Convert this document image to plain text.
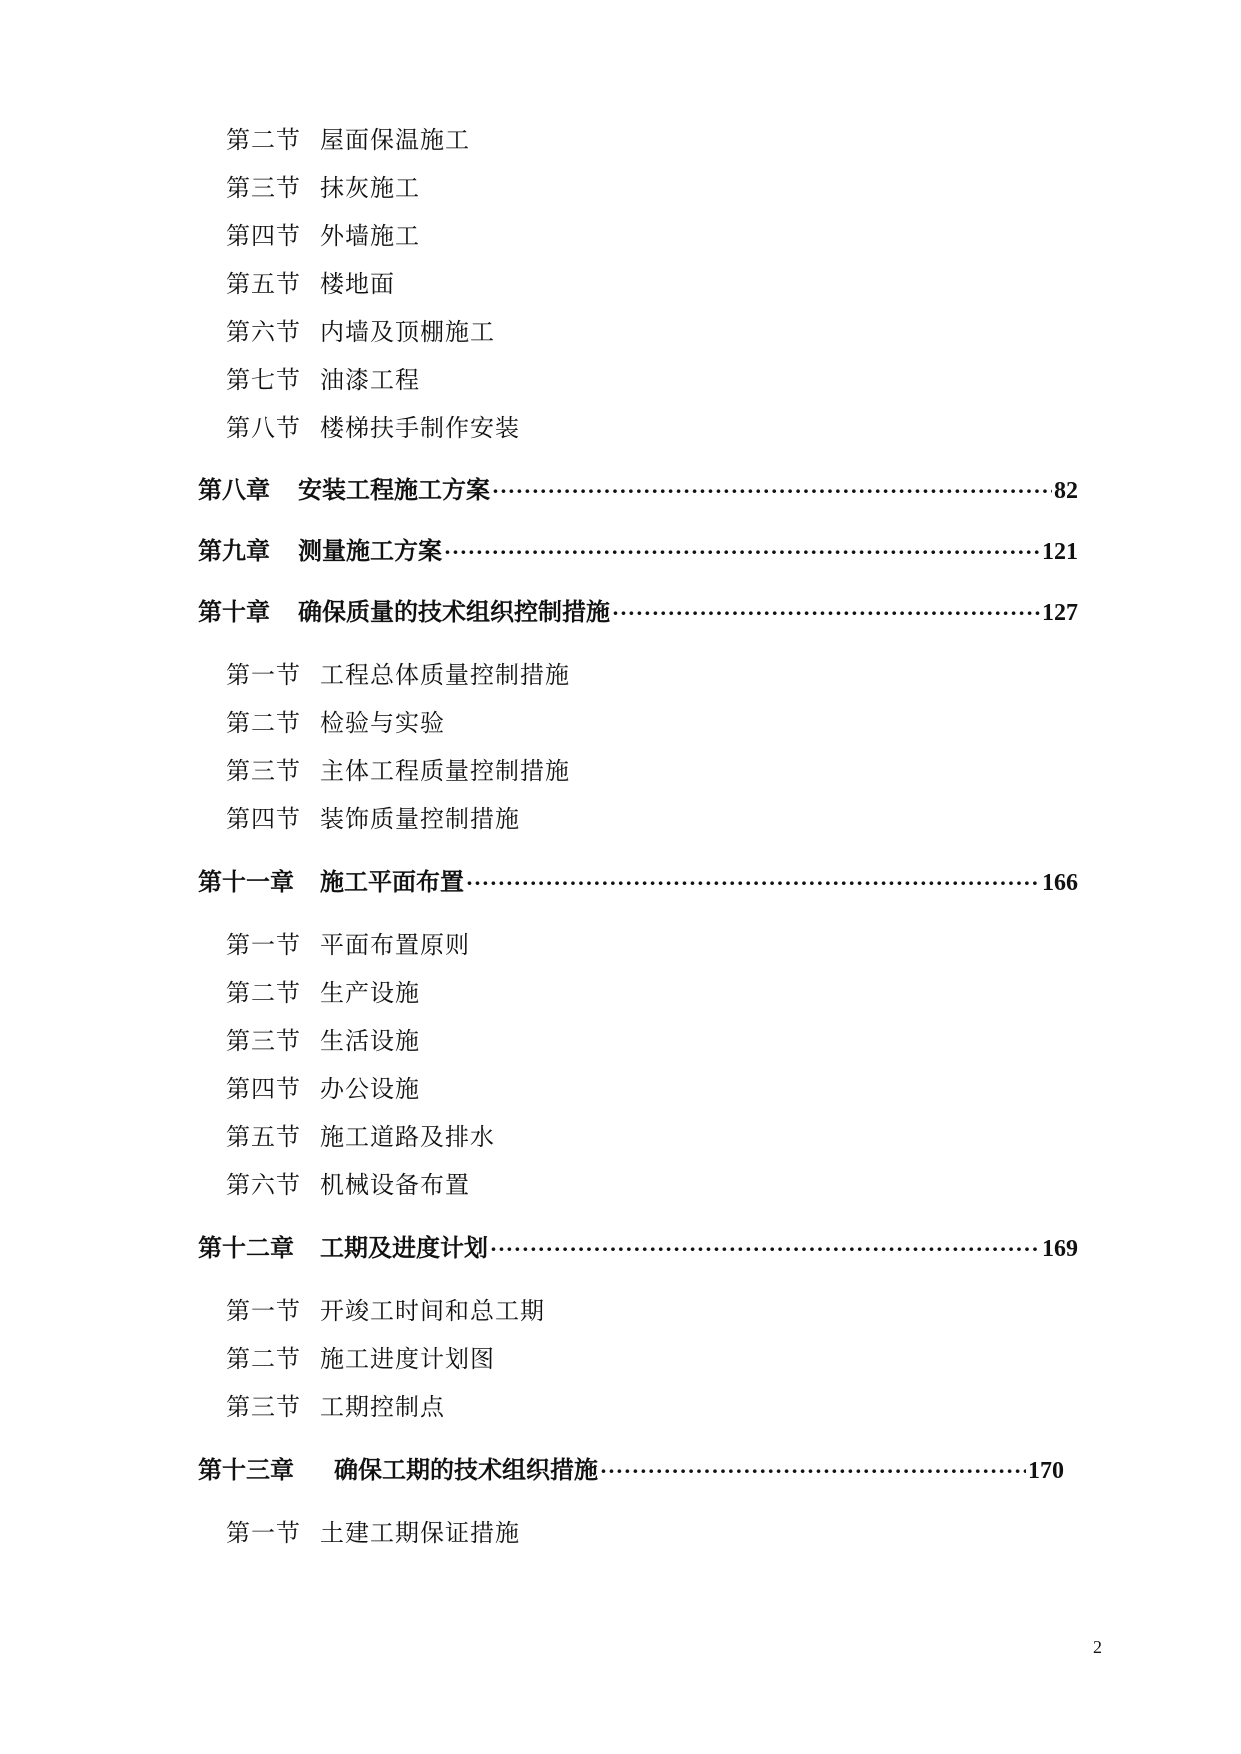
第二节 屋面保温施工
第三节 抹灰施工
第四节 外墙施工
第五节 楼地面
第六节 内墙及顶棚施工
第七节 油漆工程
第八节 楼梯扶手制作安装
第八章	安装工程施工方案 ·····	82
第九章	测量施工方案 ·····	121
第十章	确保质量的技术组织控制措施 ·····	127
第一节 工程总体质量控制措施
第二节 检验与实验
第三节 主体工程质量控制措施
第四节 装饰质量控制措施
第十一章	施工平面布置 ·····	166
第一节 平面布置原则
第二节 生产设施
第三节 生活设施
第四节 办公设施
第五节 施工道路及排水
第六节 机械设备布置
第十二章	工期及进度计划 ·····	169
第一节 开竣工时间和总工期
第二节 施工进度计划图
第三节 工期控制点
第十三章	确保工期的技术组织措施 ·····	170
第一节 土建工期保证措施
2
